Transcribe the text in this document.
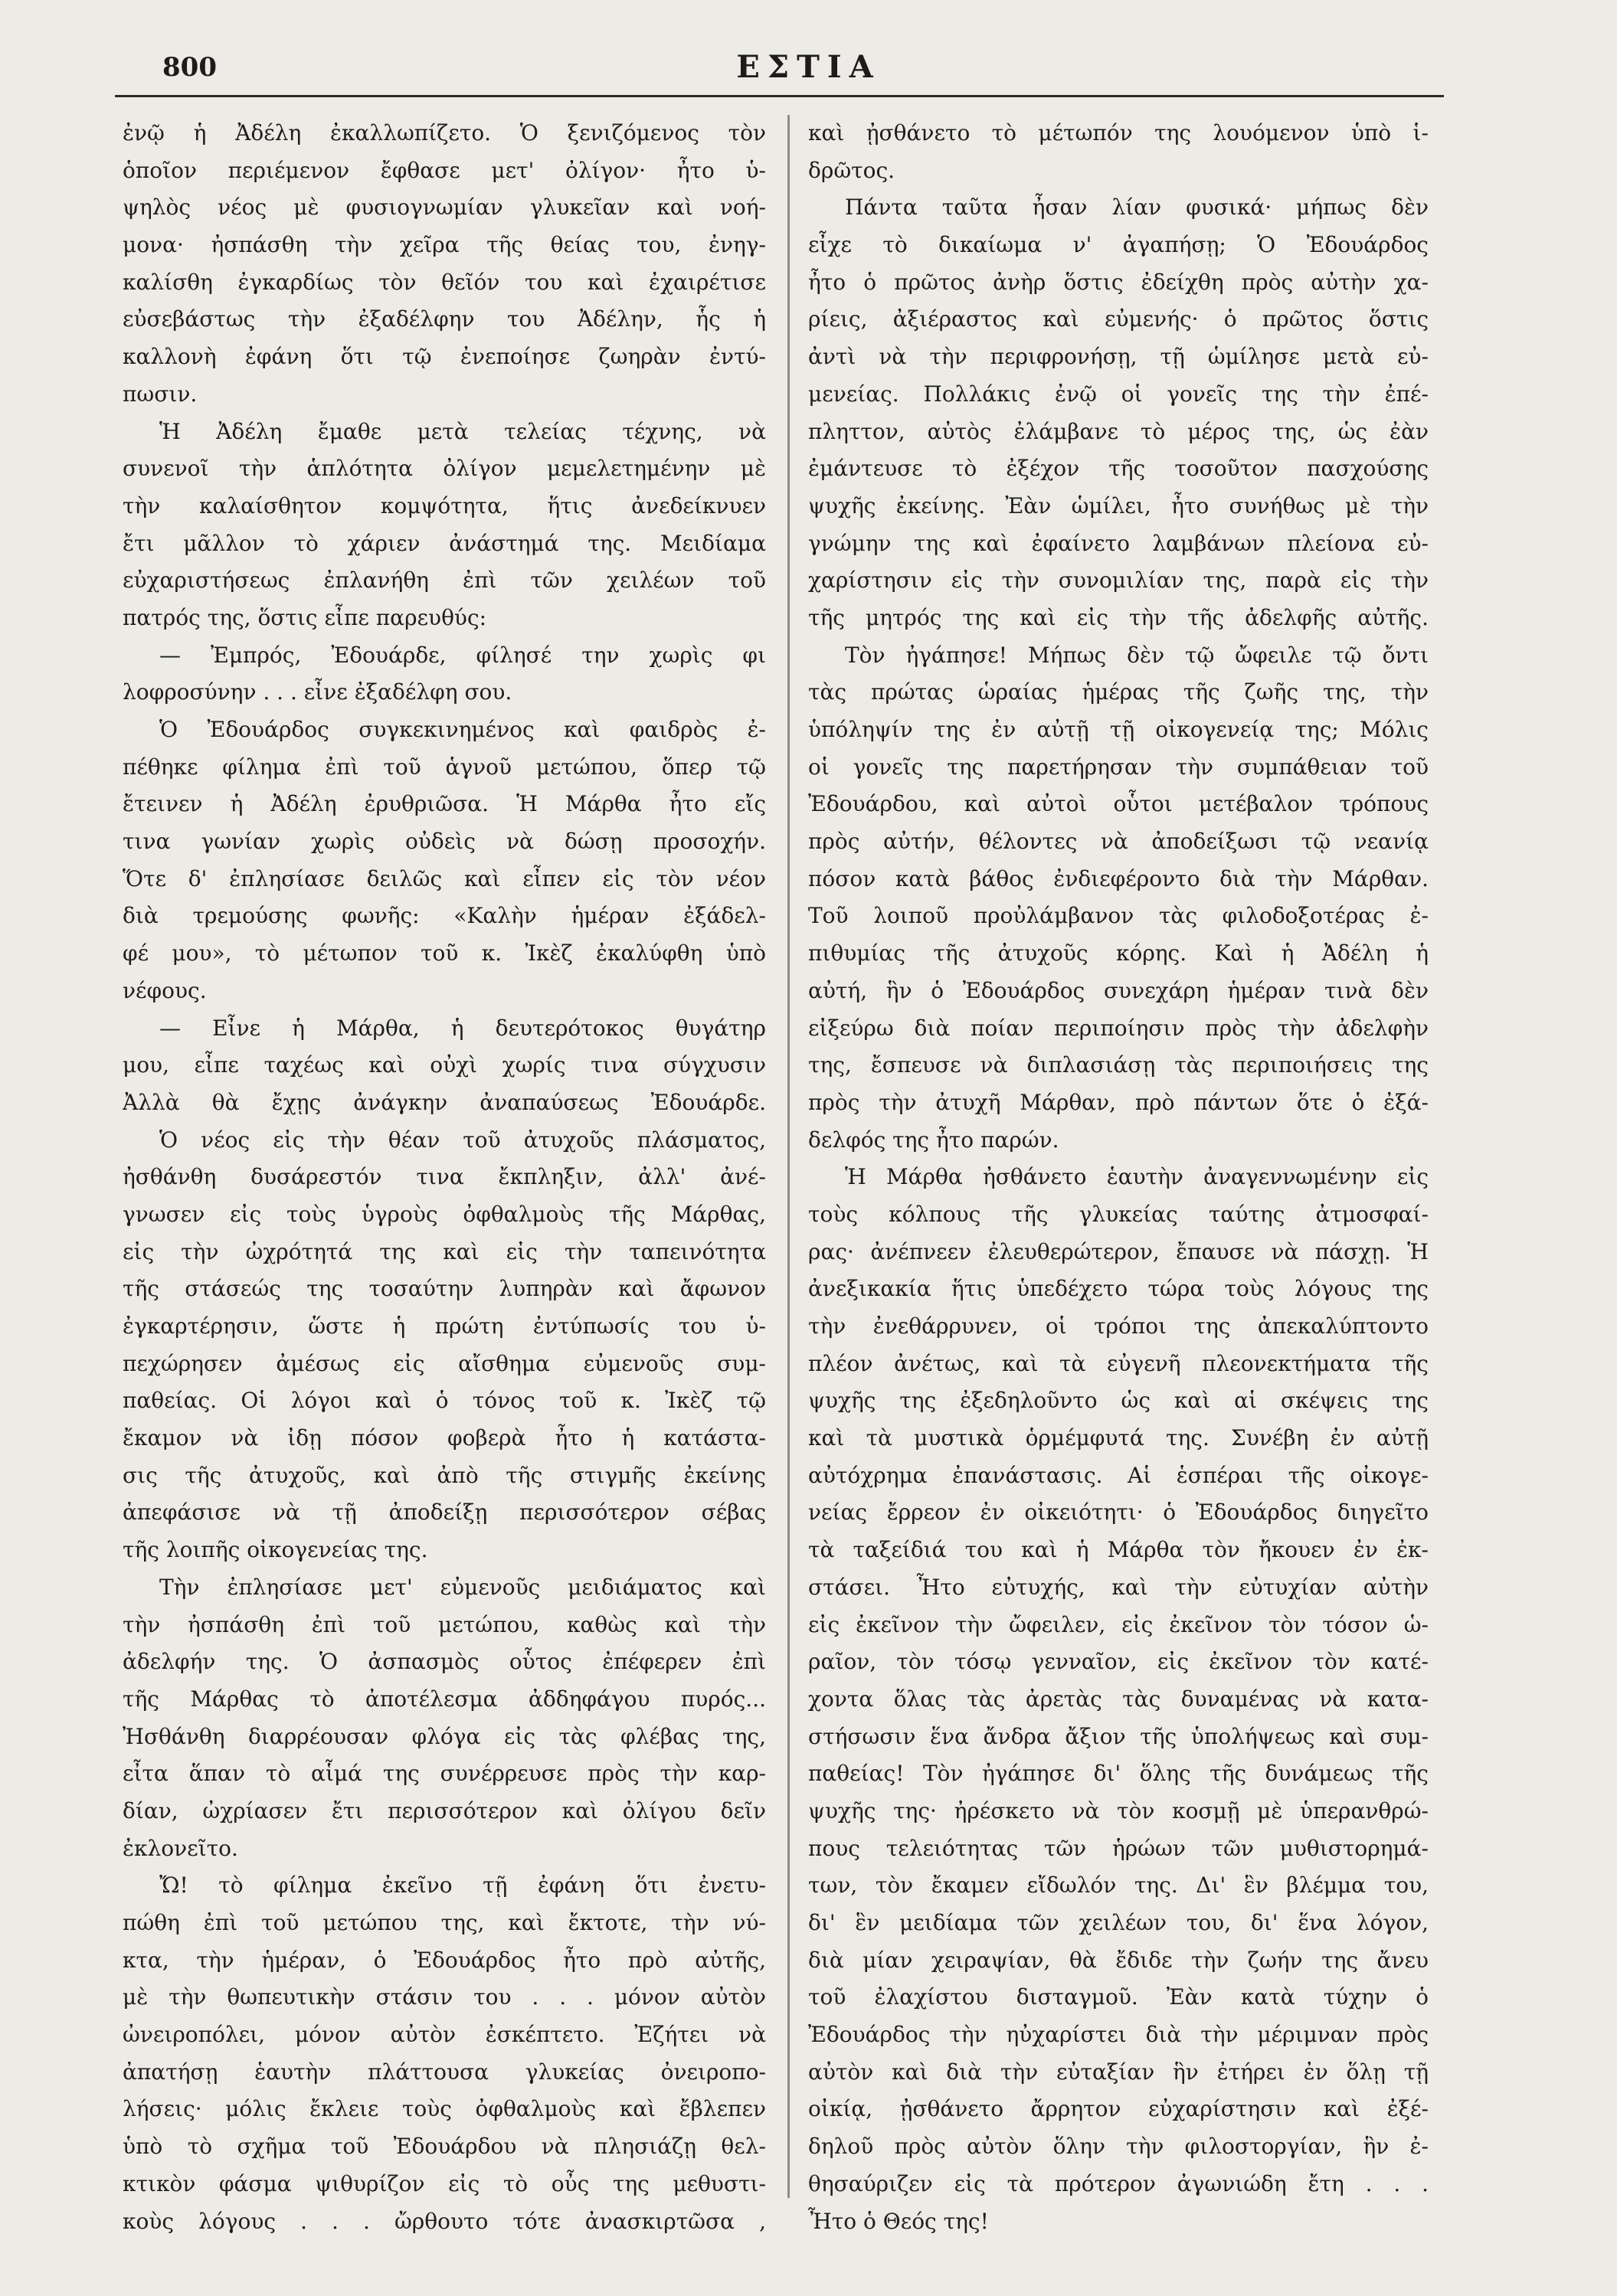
800	ΕΣΤΙΑ
ἐνῷ ἡ Ἀδέλη ἐκαλλωπίζετο. Ὁ ξενιζόμενος τὸν
ὁποῖον περιέμενον ἔφθασε μετ' ὀλίγον· ἦτο ὑ-
ψηλὸς νέος μὲ φυσιογνωμίαν γλυκεῖαν καὶ νοή-
μονα· ἠσπάσθη τὴν χεῖρα τῆς θείας του, ἐνηγ-
καλίσθη ἐγκαρδίως τὸν θεῖόν του καὶ ἐχαιρέτισε
εὐσεβάστως τὴν ἐξαδέλφην του Ἀδέλην, ἧς ἡ
καλλονὴ ἐφάνη ὅτι τῷ ἐνεποίησε ζωηρὰν ἐντύ-
πωσιν.
Ἡ Ἀδέλη ἔμαθε μετὰ τελείας τέχνης, νὰ
συνενοῖ τὴν ἁπλότητα ὀλίγον μεμελετημένην μὲ
τὴν καλαίσθητον κομψότητα, ἥτις ἀνεδείκνυεν
ἔτι μᾶλλον τὸ χάριεν ἀνάστημά της. Μειδίαμα
εὐχαριστήσεως ἐπλανήθη ἐπὶ τῶν χειλέων τοῦ
πατρός της, ὅστις εἶπε παρευθύς:
— Ἐμπρός, Ἐδουάρδε, φίλησέ την χωρὶς φι
λοφροσύνην . . . εἶνε ἐξαδέλφη σου.
Ὁ Ἐδουάρδος συγκεκινημένος καὶ φαιδρὸς ἐ-
πέθηκε φίλημα ἐπὶ τοῦ ἁγνοῦ μετώπου, ὅπερ τῷ
ἔτεινεν ἡ Ἀδέλη ἐρυθριῶσα. Ἡ Μάρθα ἦτο εἴς
τινα γωνίαν χωρὶς οὐδεὶς νὰ δώσῃ προσοχήν.
Ὅτε δ' ἐπλησίασε δειλῶς καὶ εἶπεν εἰς τὸν νέον
διὰ τρεμούσης φωνῆς: «Καλὴν ἡμέραν ἐξάδελ-
φέ μου», τὸ μέτωπον τοῦ κ. Ἰκὲζ ἐκαλύφθη ὑπὸ
νέφους.
— Εἶνε ἡ Μάρθα, ἡ δευτερότοκος θυγάτηρ
μου, εἶπε ταχέως καὶ οὐχὶ χωρίς τινα σύγχυσιν
Ἀλλὰ θὰ ἔχῃς ἀνάγκην ἀναπαύσεως Ἐδουάρδε.
Ὁ νέος εἰς τὴν θέαν τοῦ ἀτυχοῦς πλάσματος,
ἠσθάνθη δυσάρεστόν τινα ἔκπληξιν, ἀλλ' ἀνέ-
γνωσεν εἰς τοὺς ὑγροὺς ὀφθαλμοὺς τῆς Μάρθας,
εἰς τὴν ὠχρότητά της καὶ εἰς τὴν ταπεινότητα
τῆς στάσεώς της τοσαύτην λυπηρὰν καὶ ἄφωνον
ἐγκαρτέρησιν, ὥστε ἡ πρώτη ἐντύπωσίς του ὑ-
πεχώρησεν ἀμέσως εἰς αἴσθημα εὐμενοῦς συμ-
παθείας. Οἱ λόγοι καὶ ὁ τόνος τοῦ κ. Ἰκὲζ τῷ
ἔκαμον νὰ ἰδῃ πόσον φοβερὰ ἦτο ἡ κατάστα-
σις τῆς ἀτυχοῦς, καὶ ἀπὸ τῆς στιγμῆς ἐκείνης
ἀπεφάσισε νὰ τῇ ἀποδείξῃ περισσότερον σέβας
τῆς λοιπῆς οἰκογενείας της.
Τὴν ἐπλησίασε μετ' εὐμενοῦς μειδιάματος καὶ
τὴν ἠσπάσθη ἐπὶ τοῦ μετώπου, καθὼς καὶ τὴν
ἀδελφήν της. Ὁ ἀσπασμὸς οὗτος ἐπέφερεν ἐπὶ
τῆς Μάρθας τὸ ἀποτέλεσμα ἀδδηφάγου πυρός...
Ἠσθάνθη διαρρέουσαν φλόγα εἰς τὰς φλέβας της,
εἶτα ἅπαν τὸ αἷμά της συνέρρευσε πρὸς τὴν καρ-
δίαν, ὠχρίασεν ἔτι περισσότερον καὶ ὀλίγου δεῖν
ἐκλονεῖτο.
Ὤ! τὸ φίλημα ἐκεῖνο τῇ ἐφάνη ὅτι ἐνετυ-
πώθη ἐπὶ τοῦ μετώπου της, καὶ ἔκτοτε, τὴν νύ-
κτα, τὴν ἡμέραν, ὁ Ἐδουάρδος ἦτο πρὸ αὐτῆς,
μὲ τὴν θωπευτικὴν στάσιν του . . . μόνον αὐτὸν
ὠνειροπόλει, μόνον αὐτὸν ἐσκέπτετο. Ἐζήτει νὰ
ἀπατήσῃ ἑαυτὴν πλάττουσα γλυκείας ὀνειροπο-
λήσεις· μόλις ἔκλειε τοὺς ὀφθαλμοὺς καὶ ἔβλεπεν
ὑπὸ τὸ σχῆμα τοῦ Ἐδουάρδου νὰ πλησιάζῃ θελ-
κτικὸν φάσμα ψιθυρίζον εἰς τὸ οὖς της μεθυστι-
κοὺς λόγους . . . ὤρθουτο τότε ἀνασκιρτῶσα ,
καὶ ᾐσθάνετο τὸ μέτωπόν της λουόμενον ὑπὸ ἱ-
δρῶτος.
Πάντα ταῦτα ἦσαν λίαν φυσικά· μήπως δὲν
εἶχε τὸ δικαίωμα ν' ἀγαπήσῃ; Ὁ Ἐδουάρδος
ἦτο ὁ πρῶτος ἀνὴρ ὅστις ἐδείχθη πρὸς αὐτὴν χα-
ρίεις, ἀξιέραστος καὶ εὐμενής· ὁ πρῶτος ὅστις
ἀντὶ νὰ τὴν περιφρονήσῃ, τῇ ὡμίλησε μετὰ εὐ-
μενείας. Πολλάκις ἐνῷ οἱ γονεῖς της τὴν ἐπέ-
πληττον, αὐτὸς ἐλάμβανε τὸ μέρος της, ὡς ἐὰν
ἐμάντευσε τὸ ἐξέχον τῆς τοσοῦτον πασχούσης
ψυχῆς ἐκείνης. Ἐὰν ὡμίλει, ἦτο συνήθως μὲ τὴν
γνώμην της καὶ ἐφαίνετο λαμβάνων πλείονα εὐ-
χαρίστησιν εἰς τὴν συνομιλίαν της, παρὰ εἰς τὴν
τῆς μητρός της καὶ εἰς τὴν τῆς ἀδελφῆς αὐτῆς.
Τὸν ἠγάπησε! Μήπως δὲν τῷ ὤφειλε τῷ ὄντι
τὰς πρώτας ὡραίας ἡμέρας τῆς ζωῆς της, τὴν
ὑπόληψίν της ἐν αὐτῇ τῇ οἰκογενείᾳ της; Μόλις
οἱ γονεῖς της παρετήρησαν τὴν συμπάθειαν τοῦ
Ἐδουάρδου, καὶ αὐτοὶ οὗτοι μετέβαλον τρόπους
πρὸς αὐτήν, θέλοντες νὰ ἀποδείξωσι τῷ νεανίᾳ
πόσον κατὰ βάθος ἐνδιεφέροντο διὰ τὴν Μάρθαν.
Τοῦ λοιποῦ προὐλάμβανον τὰς φιλοδοξοτέρας ἐ-
πιθυμίας τῆς ἀτυχοῦς κόρης. Καὶ ἡ Ἀδέλη ἡ
αὐτή, ἣν ὁ Ἐδουάρδος συνεχάρη ἡμέραν τινὰ δὲν
εἰξεύρω διὰ ποίαν περιποίησιν πρὸς τὴν ἀδελφὴν
της, ἔσπευσε νὰ διπλασιάσῃ τὰς περιποιήσεις της
πρὸς τὴν ἀτυχῆ Μάρθαν, πρὸ πάντων ὅτε ὁ ἐξά-
δελφός της ἦτο παρών.
Ἡ Μάρθα ἠσθάνετο ἑαυτὴν ἀναγεννωμένην εἰς
τοὺς κόλπους τῆς γλυκείας ταύτης ἀτμοσφαί-
ρας· ἀνέπνεεν ἐλευθερώτερον, ἔπαυσε νὰ πάσχῃ. Ἡ
ἀνεξικακία ἥτις ὑπεδέχετο τώρα τοὺς λόγους της
τὴν ἐνεθάρρυνεν, οἱ τρόποι της ἀπεκαλύπτοντο
πλέον ἀνέτως, καὶ τὰ εὐγενῆ πλεονεκτήματα τῆς
ψυχῆς της ἐξεδηλοῦντο ὡς καὶ αἱ σκέψεις της
καὶ τὰ μυστικὰ ὁρμέμφυτά της. Συνέβη ἐν αὐτῇ
αὐτόχρημα ἐπανάστασις. Αἱ ἑσπέραι τῆς οἰκογε-
νείας ἔρρεον ἐν οἰκειότητι· ὁ Ἐδουάρδος διηγεῖτο
τὰ ταξείδιά του καὶ ἡ Μάρθα τὸν ἤκουεν ἐν ἐκ-
στάσει. Ἦτο εὐτυχής, καὶ τὴν εὐτυχίαν αὐτὴν
εἰς ἐκεῖνον τὴν ὤφειλεν, εἰς ἐκεῖνον τὸν τόσον ὡ-
ραῖον, τὸν τόσῳ γενναῖον, εἰς ἐκεῖνον τὸν κατέ-
χοντα ὅλας τὰς ἀρετὰς τὰς δυναμένας νὰ κατα-
στήσωσιν ἕνα ἄνδρα ἄξιον τῆς ὑπολήψεως καὶ συμ-
παθείας! Τὸν ἠγάπησε δι' ὅλης τῆς δυνάμεως τῆς
ψυχῆς της· ἠρέσκετο νὰ τὸν κοσμῇ μὲ ὑπερανθρώ-
πους τελειότητας τῶν ἡρώων τῶν μυθιστορημά-
των, τὸν ἔκαμεν εἴδωλόν της. Δι' ἓν βλέμμα του,
δι' ἓν μειδίαμα τῶν χειλέων του, δι' ἕνα λόγον,
διὰ μίαν χειραψίαν, θὰ ἔδιδε τὴν ζωήν της ἄνευ
τοῦ ἐλαχίστου δισταγμοῦ. Ἐὰν κατὰ τύχην ὁ
Ἐδουάρδος τὴν ηὐχαρίστει διὰ τὴν μέριμναν πρὸς
αὐτὸν καὶ διὰ τὴν εὐταξίαν ἣν ἐτήρει ἐν ὅλῃ τῇ
οἰκίᾳ, ᾐσθάνετο ἄρρητον εὐχαρίστησιν καὶ ἐξέ-
δηλοῦ πρὸς αὐτὸν ὅλην τὴν φιλοστοργίαν, ἣν ἐ-
θησαύριζεν εἰς τὰ πρότερον ἀγωνιώδη ἔτη . . .
Ἦτο ὁ Θεός της!
